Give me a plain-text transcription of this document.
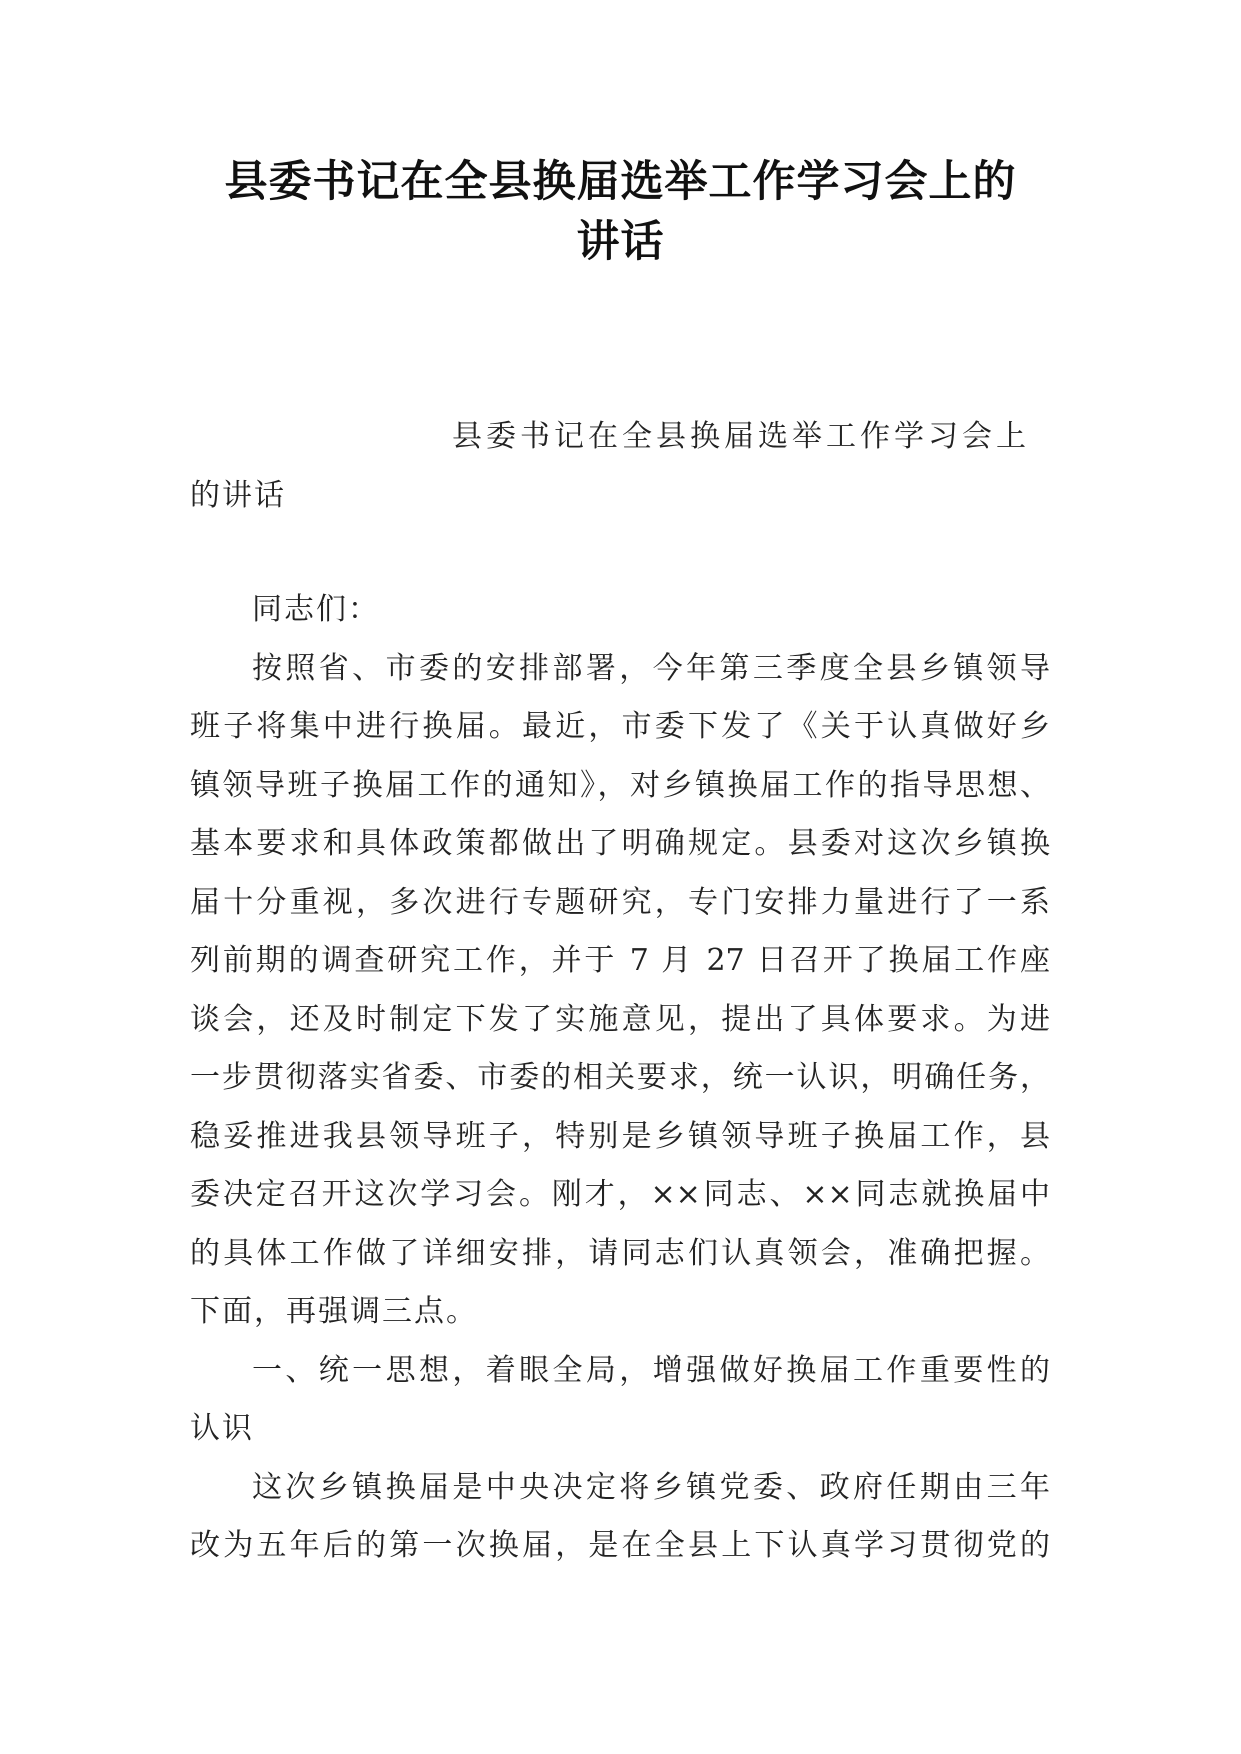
县委书记在全县换届选举工作学习会上的
讲话
县委书记在全县换届选举工作学习会上
的讲话
同志们：
按照省、市委的安排部署，今年第三季度全县乡镇领导
班子将集中进行换届。最近，市委下发了《关于认真做好乡
镇领导班子换届工作的通知》，对乡镇换届工作的指导思想、
基本要求和具体政策都做出了明确规定。县委对这次乡镇换
届十分重视，多次进行专题研究，专门安排力量进行了一系
列前期的调查研究工作，并于 7 月 27 日召开了换届工作座
谈会，还及时制定下发了实施意见，提出了具体要求。为进
一步贯彻落实省委、市委的相关要求，统一认识，明确任务，
稳妥推进我县领导班子，特别是乡镇领导班子换届工作，县
委决定召开这次学习会。刚才，××同志、××同志就换届中
的具体工作做了详细安排，请同志们认真领会，准确把握。
下面，再强调三点。
一、统一思想，着眼全局，增强做好换届工作重要性的
认识
这次乡镇换届是中央决定将乡镇党委、政府任期由三年
改为五年后的第一次换届，是在全县上下认真学习贯彻党的
